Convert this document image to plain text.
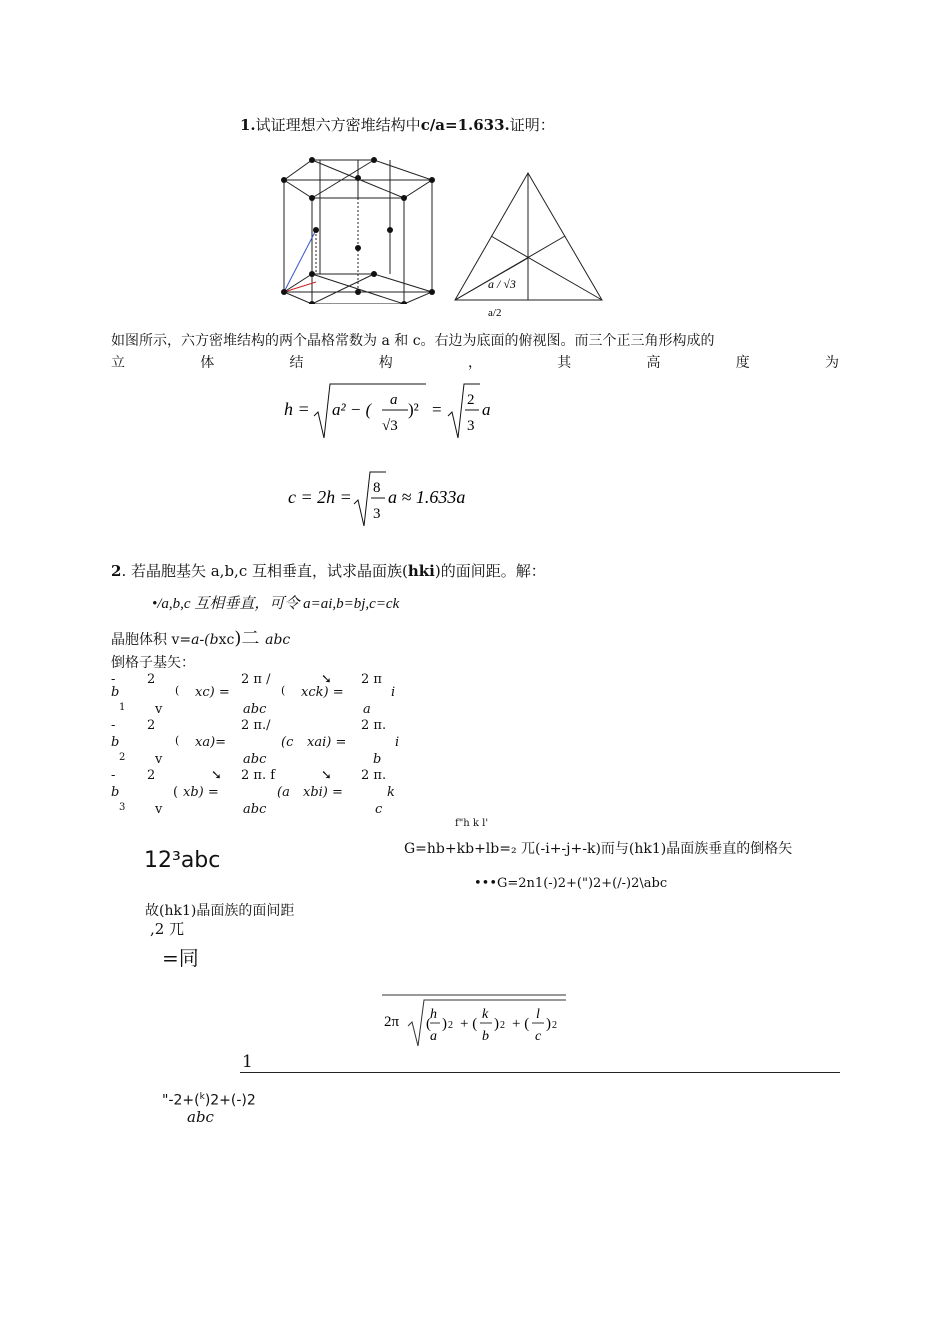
1.试证理想六方密堆结构中c/a=1.633.证明：
a / √3
a/2
如图所示，六方密堆结构的两个晶格常数为 a 和 c。右边为底面的俯视图。而三个正三角形构成的
立	体	结	构	，	其	高	度	为
h = a² − ( a
√3
)² = 2
3
a
c = 2h = 8
3
a ≈ 1.633a
2. 若晶胞基矢 a,b,c 互相垂直，试求晶面族(hki)的面间距。解：
•/a,b,c 互相垂直，可令 a=ai,b=bj,c=ck
晶胞体积 v=a-(bxc)二 abc
倒格子基矢：
- 2	2 π /	➘ 2 π
b	( xc) =	( xck) =	i
1 v	abc	a
- 2	2 π./	2 π.
b	( xa)=	(c xai) =	i
2 v	abc	b
- 2	➘ 2 π. f	➘ 2 π.
b	( xb) =	(a xbi) =	k
3 v	abc	c
f"h k l'
12³abc	G=hb+kb+lb=₂ 兀(-i+-j+-k)而与(hk1)晶面族垂直的倒格矢
•••G=2n1(-)2+(")2+(/-)2\abc
故(hk1)晶面族的面间距
,2 兀
=同
2π (
h
a
) 2 + (
k
b
) 2 + (
l
c
) 2
1
"-2+($^k$)2+(-)2
abc
